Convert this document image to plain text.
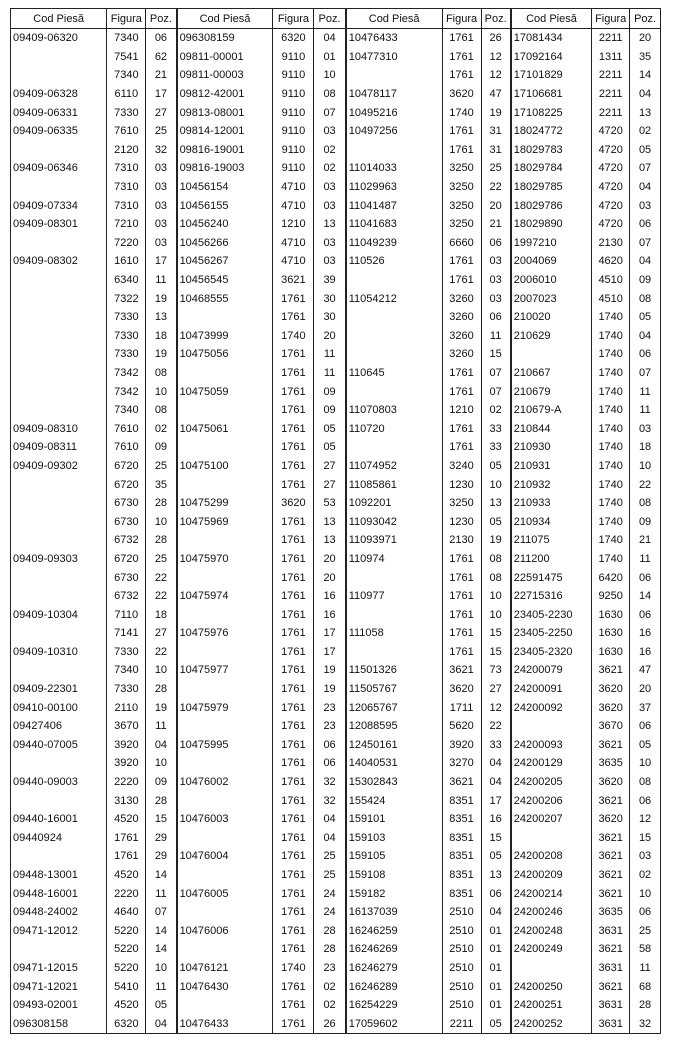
Cod Piesă	Figura	Poz.	Cod Piesă	Figura	Poz.	Cod Piesă	Figura	Poz.	Cod Piesă	Figura	Poz.
09409-06320	7340	06	096308159	6320	04	10476433	1761	26	17081434	2211	20
	7541	62	09811-00001	9110	01	10477310	1761	12	17092164	1311	35
	7340	21	09811-00003	9110	10		1761	12	17101829	2211	14
09409-06328	6110	17	09812-42001	9110	08	10478117	3620	47	17106681	2211	04
09409-06331	7330	27	09813-08001	9110	07	10495216	1740	19	17108225	2211	13
09409-06335	7610	25	09814-12001	9110	03	10497256	1761	31	18024772	4720	02
	2120	32	09816-19001	9110	02		1761	31	18029783	4720	05
09409-06346	7310	03	09816-19003	9110	02	11014033	3250	25	18029784	4720	07
	7310	03	10456154	4710	03	11029963	3250	22	18029785	4720	04
09409-07334	7310	03	10456155	4710	03	11041487	3250	20	18029786	4720	03
09409-08301	7210	03	10456240	1210	13	11041683	3250	21	18029890	4720	06
	7220	03	10456266	4710	03	11049239	6660	06	1997210	2130	07
09409-08302	1610	17	10456267	4710	03	110526	1761	03	2004069	4620	04
	6340	11	10456545	3621	39		1761	03	2006010	4510	09
	7322	19	10468555	1761	30	11054212	3260	03	2007023	4510	08
	7330	13		1761	30		3260	06	210020	1740	05
	7330	18	10473999	1740	20		3260	11	210629	1740	04
	7330	19	10475056	1761	11		3260	15		1740	06
	7342	08		1761	11	110645	1761	07	210667	1740	07
	7342	10	10475059	1761	09		1761	07	210679	1740	11
	7340	08		1761	09	11070803	1210	02	210679-A	1740	11
09409-08310	7610	02	10475061	1761	05	110720	1761	33	210844	1740	03
09409-08311	7610	09		1761	05		1761	33	210930	1740	18
09409-09302	6720	25	10475100	1761	27	11074952	3240	05	210931	1740	10
	6720	35		1761	27	11085861	1230	10	210932	1740	22
	6730	28	10475299	3620	53	1092201	3250	13	210933	1740	08
	6730	10	10475969	1761	13	11093042	1230	05	210934	1740	09
	6732	28		1761	13	11093971	2130	19	211075	1740	21
09409-09303	6720	25	10475970	1761	20	110974	1761	08	211200	1740	11
	6730	22		1761	20		1761	08	22591475	6420	06
	6732	22	10475974	1761	16	110977	1761	10	22715316	9250	14
09409-10304	7110	18		1761	16		1761	10	23405-2230	1630	06
	7141	27	10475976	1761	17	111058	1761	15	23405-2250	1630	16
09409-10310	7330	22		1761	17		1761	15	23405-2320	1630	16
	7340	10	10475977	1761	19	11501326	3621	73	24200079	3621	47
09409-22301	7330	28		1761	19	11505767	3620	27	24200091	3620	20
09410-00100	2110	19	10475979	1761	23	12065767	1711	12	24200092	3620	37
09427406	3670	11		1761	23	12088595	5620	22		3670	06
09440-07005	3920	04	10475995	1761	06	12450161	3920	33	24200093	3621	05
	3920	10		1761	06	14040531	3270	04	24200129	3635	10
09440-09003	2220	09	10476002	1761	32	15302843	3621	04	24200205	3620	08
	3130	28		1761	32	155424	8351	17	24200206	3621	06
09440-16001	4520	15	10476003	1761	04	159101	8351	16	24200207	3620	12
09440924	1761	29		1761	04	159103	8351	15		3621	15
	1761	29	10476004	1761	25	159105	8351	05	24200208	3621	03
09448-13001	4520	14		1761	25	159108	8351	13	24200209	3621	02
09448-16001	2220	11	10476005	1761	24	159182	8351	06	24200214	3621	10
09448-24002	4640	07		1761	24	16137039	2510	04	24200246	3635	06
09471-12012	5220	14	10476006	1761	28	16246259	2510	01	24200248	3631	25
	5220	14		1761	28	16246269	2510	01	24200249	3621	58
09471-12015	5220	10	10476121	1740	23	16246279	2510	01		3631	11
09471-12021	5410	11	10476430	1761	02	16246289	2510	01	24200250	3621	68
09493-02001	4520	05		1761	02	16254229	2510	01	24200251	3631	28
096308158	6320	04	10476433	1761	26	17059602	2211	05	24200252	3631	32
